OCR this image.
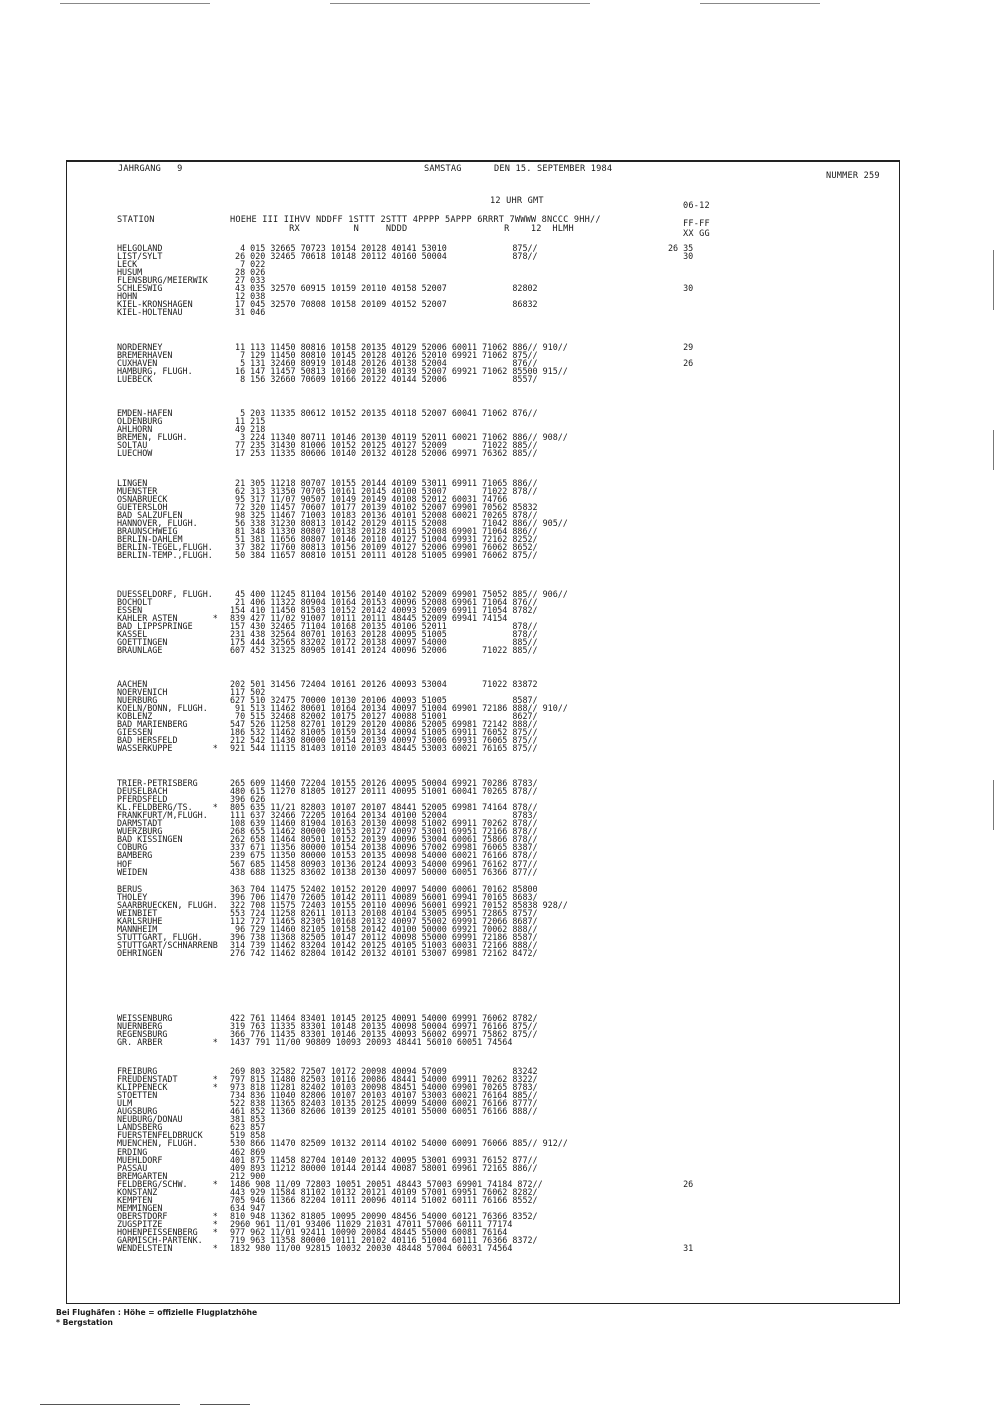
JAHRGANG   9	SAMSTAG	DEN 15. SEPTEMBER 1984
NUMMER 259
12 UHR GMT	06-12
STATION	HOEHE III IIHVV NDDFF 1STTT 2STTT 4PPPP 5APPP 6RRRT 7WWWW 8NCCC 9HH//
RX          N     NDDD                  R    12  HLMH	FF-FF
XX GG
HELGOLAND	4 015 32665 70723 10154 20128 40141 53010             875//	26 35
LIST/SYLT	26 020 32465 70618 10148 20112 40160 50004             878//	30
LECK	7 022
HUSUM	28 026
FLENSBURG/MEIERWIK	27 033
SCHLESWIG	43 035 32570 60915 10159 20110 40158 52007             82802	30
HOHN	12 038
KIEL-KRONSHAGEN	17 045 32570 70808 10158 20109 40152 52007             86832
KIEL-HOLTENAU	31 046
NORDERNEY	11 113 11450 80816 10158 20135 40129 52006 60011 71062 886// 910//	29
BREMERHAVEN	7 129 11450 80810 10145 20128 40126 52010 69921 71062 875//
CUXHAVEN	5 131 32460 80919 10148 20126 40138 52004             876//	26
HAMBURG, FLUGH.	16 147 11457 50813 10160 20130 40139 52007 69921 71062 85500 915//
LUEBECK	8 156 32660 70609 10166 20122 40144 52006             8557/
EMDEN-HAFEN	5 203 11335 80612 10152 20135 40118 52007 60041 71062 876//
OLDENBURG	11 215
AHLHORN	49 218
BREMEN, FLUGH.	3 224 11340 80711 10146 20130 40119 52011 60021 71062 886// 908//
SOLTAU	77 235 31430 81006 10152 20125 40127 52009       71022 885//
LUECHOW	17 253 11335 80606 10140 20132 40128 52006 69971 76362 885//
LINGEN	21 305 11218 80707 10155 20144 40109 53011 69911 71065 886//
MUENSTER	62 313 31350 70705 10161 20145 40100 53007       71022 878//
OSNABRUECK	95 317 11/07 90507 10149 20149 40108 52012 60031 74766
GUETERSLOH	72 320 11457 70607 10177 20139 40102 52007 69901 70562 85832
BAD SALZUFLEN	98 325 11467 71003 10183 20136 40101 52008 60021 70265 878//
HANNOVER, FLUGH.	56 338 31230 80813 10142 20129 40115 52008       71042 886// 905//
BRAUNSCHWEIG	81 348 11330 80807 10138 20128 40115 52008 69901 71064 886//
BERLIN-DAHLEM	51 381 11656 80807 10146 20110 40127 51004 69931 72162 8252/
BERLIN-TEGEL,FLUGH. 37 382 11760 80813 10156 20109 40127 52006 69901 76062 8652/
BERLIN-TEMP.,FLUGH. 50 384 11657 80810 10151 20111 40128 51005 69901 76062 875//
DUESSELDORF, FLUGH. 45 400 11245 81104 10156 20140 40102 52009 69901 75052 885// 906//
BOCHOLT	21 406 11322 80904 10164 20153 40096 52008 69961 71064 876//
ESSEN	154 410 11450 81503 10152 20142 40093 52009 69911 71054 8782/
KAHLER ASTEN       * 839 427 11/02 91007 10111 20111 48445 52009 69941 74154
BAD LIPPSPRINGE	157 430 32465 71104 10168 20135 40106 52011             878//
KASSEL	231 438 32564 80701 10163 20128 40095 51005             878//
GOETTINGEN	175 444 32565 83202 10172 20138 40097 54000             885//
BRAUNLAGE	607 452 31325 80905 10141 20124 40096 52006       71022 885//
AACHEN	202 501 31456 72404 10161 20126 40093 53004       71022 83872
NOERVENICH	117 502
NUERBURG	627 510 32475 70000 10130 20106 40093 51005             8587/
KOELN/BONN, FLUGH.	91 513 11462 80601 10164 20134 40097 51004 69901 72186 888// 910//
KOBLENZ	70 515 32468 82002 10175 20127 40088 51001             8627/
BAD MARIENBERG	547 526 11258 82701 10129 20120 40086 52005 69981 72142 888//
GIESSEN	186 532 11462 81005 10159 20134 40094 51005 69911 76052 875//
BAD HERSFELD	212 542 11430 80000 10154 20139 40097 53006 69931 76065 875//
WASSERKUPPE        * 921 544 11115 81403 10110 20103 48445 53003 60021 76165 875//
TRIER-PETRISBERG	265 609 11460 72204 10155 20126 40095 50004 69921 70286 8783/
DEUSELBACH	480 615 11270 81805 10127 20111 40095 51001 60041 70265 878//
PFERDSFELD	396 626
KL.FELDBERG/TS.    * 805 635 11/21 82803 10107 20107 48441 52005 69981 74164 878//
FRANKFURT/M,FLUGH.	111 637 32466 72205 10164 20134 40100 52004             8783/
DARMSTADT	108 639 11460 81904 10163 20130 40098 51002 69911 70262 878//
WUERZBURG	268 655 11462 80000 10153 20127 40097 53001 69951 72166 878//
BAD KISSINGEN	262 658 11464 80501 10152 20139 40096 53004 60061 75866 878//
COBURG	337 671 11356 80000 10154 20138 40096 57002 69981 76065 8387/
BAMBERG	239 675 11350 80000 10153 20135 40098 54000 60021 76166 878//
HOF	567 685 11458 80903 10136 20124 40093 54000 69961 76162 877//
WEIDEN	438 688 11325 83602 10138 20130 40097 50000 60051 76366 877//
BERUS	363 704 11475 52402 10152 20120 40097 54000 60061 70162 85800
THOLEY	396 706 11470 72605 10142 20111 40089 56001 69941 70165 8683/
SAARBRUECKEN, FLUGH. 322 708 11575 72403 10155 20110 40096 56001 69921 70152 85838 928//
WEINBIET	553 724 11258 82611 10113 20108 40104 53005 69951 72865 8757/
KARLSRUHE	112 727 11465 82305 10168 20132 40097 55002 69991 72066 8687/
MANNHEIM	96 729 11460 82105 10158 20142 40100 50000 69921 70062 888//
STUTTGART, FLUGH.	396 738 11368 82505 10147 20112 40098 55000 69991 72186 8587/
STUTTGART/SCHNARRENB 314 739 11462 83204 10142 20125 40105 51003 60031 72166 888//
OEHRINGEN	276 742 11462 82804 10142 20132 40101 53007 69981 72162 8472/
WEISSENBURG	422 761 11464 83401 10145 20125 40091 54000 69991 76062 8782/
NUERNBERG	319 763 11335 83301 10148 20135 40098 50004 69971 76166 875//
REGENSBURG	366 776 11435 83301 10146 20135 40093 56002 69971 75862 875//
GR. ARBER          * 1437 791 11/00 90809 10093 20093 48441 56010 60051 74564
FREIBURG	269 803 32582 72507 10172 20098 40094 57009             83242
FREUDENSTADT       * 797 815 11480 82503 10116 20086 48441 54000 69911 70262 8322/
KLIPPENECK         * 973 818 11281 82402 10103 20098 48451 54000 69901 70265 8783/
STOETTEN	734 836 11040 82806 10107 20103 40107 53003 60021 76164 885//
ULM	522 838 11365 82403 10135 20125 40099 54000 60021 76166 8777/
AUGSBURG	461 852 11360 82606 10139 20125 40101 55000 60051 76166 888//
NEUBURG/DONAU	381 853
LANDSBERG	623 857
FUERSTENFELDBRUCK	519 858
MUENCHEN, FLUGH.	530 866 11470 82509 10132 20114 40102 54000 60091 76066 885// 912//
ERDING	462 869
MUEHLDORF	401 875 11458 82704 10140 20132 40095 53001 69931 76152 877//
PASSAU	409 893 11212 80000 10144 20144 40087 58001 69961 72165 886//
BREMGARTEN	212 900
FELDBERG/SCHW.     * 1486 908 11/09 72803 10051 20051 48443 57003 69901 74184 872//	26
KONSTANZ	443 929 11584 81102 10132 20121 40109 57001 69951 76062 8282/
KEMPTEN	705 946 11366 82204 10111 20096 40114 51002 60111 76166 8552/
MEMMINGEN	634 947
OBERSTDORF         * 810 948 11362 81805 10095 20090 48456 54000 60121 76366 8352/
ZUGSPITZE          * 2960 961 11/01 93406 11029 21031 47011 57006 60111 77174
HOHENPEISSENBERG   * 977 962 11/01 92411 10090 20084 48445 55000 60081 76164
GARMISCH-PARTENK.	719 963 11358 80000 10111 20102 40116 51004 60111 76366 8372/
WENDELSTEIN        * 1832 980 11/00 92815 10032 20030 48448 57004 60031 74564	31
Bei Flughäfen : Höhe = offizielle Flugplatzhöhe
* Bergstation
